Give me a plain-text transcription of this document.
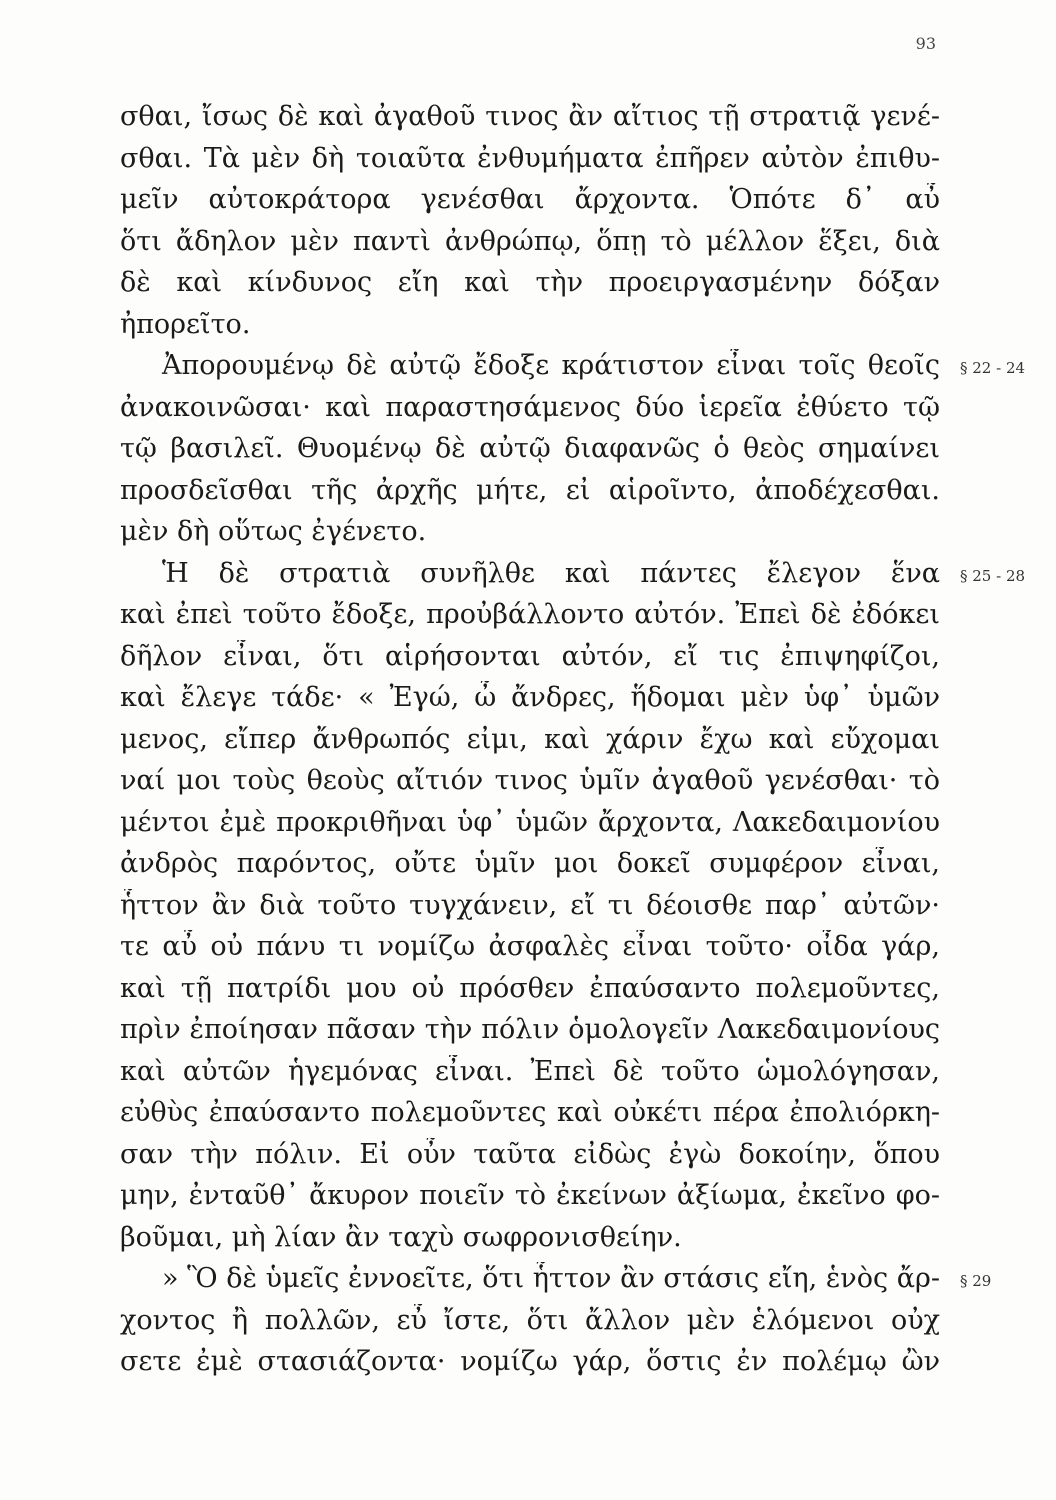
93
σθαι, ἴσως δὲ καὶ ἀγαθοῦ τινος ἂν αἴτιος τῇ στρατιᾷ γενέ-
σθαι. Τὰ μὲν δὴ τοιαῦτα ἐνθυμήματα ἐπῆρεν αὐτὸν ἐπιθυ-
μεῖν αὐτοκράτορα γενέσθαι ἄρχοντα. Ὁπότε δ᾽ αὖ
ὅτι ἄδηλον μὲν παντὶ ἀνθρώπῳ, ὅπῃ τὸ μέλλον ἕξει, διὰ
δὲ καὶ κίνδυνος εἴη καὶ τὴν προειργασμένην δόξαν
ἠπορεῖτο.
Ἀπορουμένῳ δὲ αὐτῷ ἔδοξε κράτιστον εἶναι τοῖς θεοῖς
ἀνακοινῶσαι· καὶ παραστησάμενος δύο ἱερεῖα ἐθύετο τῷ
τῷ βασιλεῖ. Θυομένῳ δὲ αὐτῷ διαφανῶς ὁ θεὸς σημαίνει
προσδεῖσθαι τῆς ἀρχῆς μήτε, εἰ αἱροῖντο, ἀποδέχεσθαι.
μὲν δὴ οὕτως ἐγένετο.
Ἡ δὲ στρατιὰ συνῆλθε καὶ πάντες ἔλεγον ἕνα
καὶ ἐπεὶ τοῦτο ἔδοξε, προὐβάλλοντο αὐτόν. Ἐπεὶ δὲ ἐδόκει
δῆλον εἶναι, ὅτι αἱρήσονται αὐτόν, εἴ τις ἐπιψηφίζοι,
καὶ ἔλεγε τάδε· « Ἐγώ, ὦ ἄνδρες, ἥδομαι μὲν ὑφ᾽ ὑμῶν
μενος, εἴπερ ἄνθρωπός εἰμι, καὶ χάριν ἔχω καὶ εὔχομαι
ναί μοι τοὺς θεοὺς αἴτιόν τινος ὑμῖν ἀγαθοῦ γενέσθαι· τὸ
μέντοι ἐμὲ προκριθῆναι ὑφ᾽ ὑμῶν ἄρχοντα, Λακεδαιμονίου
ἀνδρὸς παρόντος, οὔτε ὑμῖν μοι δοκεῖ συμφέρον εἶναι,
ἧττον ἂν διὰ τοῦτο τυγχάνειν, εἴ τι δέοισθε παρ᾽ αὐτῶν·
τε αὖ οὐ πάνυ τι νομίζω ἀσφαλὲς εἶναι τοῦτο· οἶδα γάρ,
καὶ τῇ πατρίδι μου οὐ πρόσθεν ἐπαύσαντο πολεμοῦντες,
πρὶν ἐποίησαν πᾶσαν τὴν πόλιν ὁμολογεῖν Λακεδαιμονίους
καὶ αὐτῶν ἡγεμόνας εἶναι. Ἐπεὶ δὲ τοῦτο ὡμολόγησαν,
εὐθὺς ἐπαύσαντο πολεμοῦντες καὶ οὐκέτι πέρα ἐπολιόρκη-
σαν τὴν πόλιν. Εἰ οὖν ταῦτα εἰδὼς ἐγὼ δοκοίην, ὅπου
μην, ἐνταῦθ᾽ ἄκυρον ποιεῖν τὸ ἐκείνων ἀξίωμα, ἐκεῖνο φο-
βοῦμαι, μὴ λίαν ἂν ταχὺ σωφρονισθείην.
» Ὃ δὲ ὑμεῖς ἐννοεῖτε, ὅτι ἧττον ἂν στάσις εἴη, ἑνὸς ἄρ-
χοντος ἢ πολλῶν, εὖ ἴστε, ὅτι ἄλλον μὲν ἑλόμενοι οὐχ
σετε ἐμὲ στασιάζοντα· νομίζω γάρ, ὅστις ἐν πολέμῳ ὢν
§ 22 - 24
§ 25 - 28
§ 29
